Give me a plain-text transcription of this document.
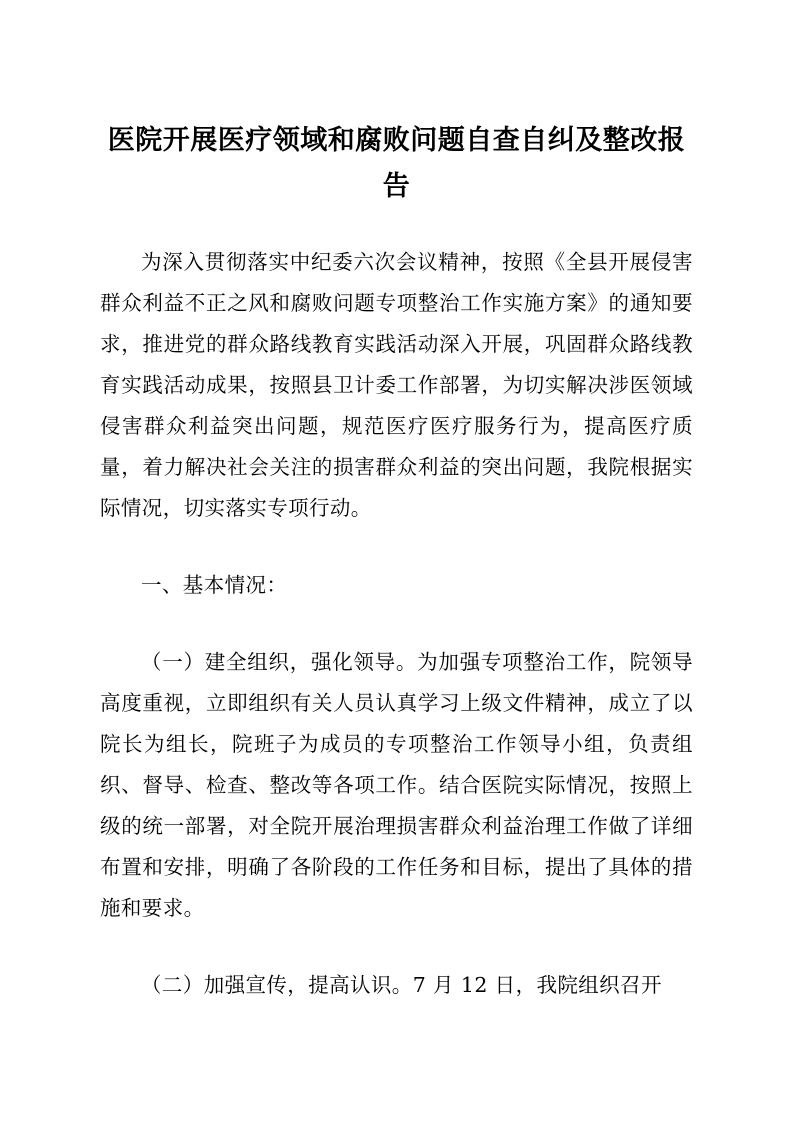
医院开展医疗领域和腐败问题自查自纠及整改报告

为深入贯彻落实中纪委六次会议精神，按照《全县开展侵害群众利益不正之风和腐败问题专项整治工作实施方案》的通知要求，推进党的群众路线教育实践活动深入开展，巩固群众路线教育实践活动成果，按照县卫计委工作部署，为切实解决涉医领域侵害群众利益突出问题，规范医疗医疗服务行为，提高医疗质量，着力解决社会关注的损害群众利益的突出问题，我院根据实际情况，切实落实专项行动。

一、基本情况：

（一）建全组织，强化领导。为加强专项整治工作，院领导高度重视，立即组织有关人员认真学习上级文件精神，成立了以院长为组长，院班子为成员的专项整治工作领导小组，负责组织、督导、检查、整改等各项工作。结合医院实际情况，按照上级的统一部署，对全院开展治理损害群众利益治理工作做了详细布置和安排，明确了各阶段的工作任务和目标，提出了具体的措施和要求。

（二）加强宣传，提高认识。7 月 12 日，我院组织召开
